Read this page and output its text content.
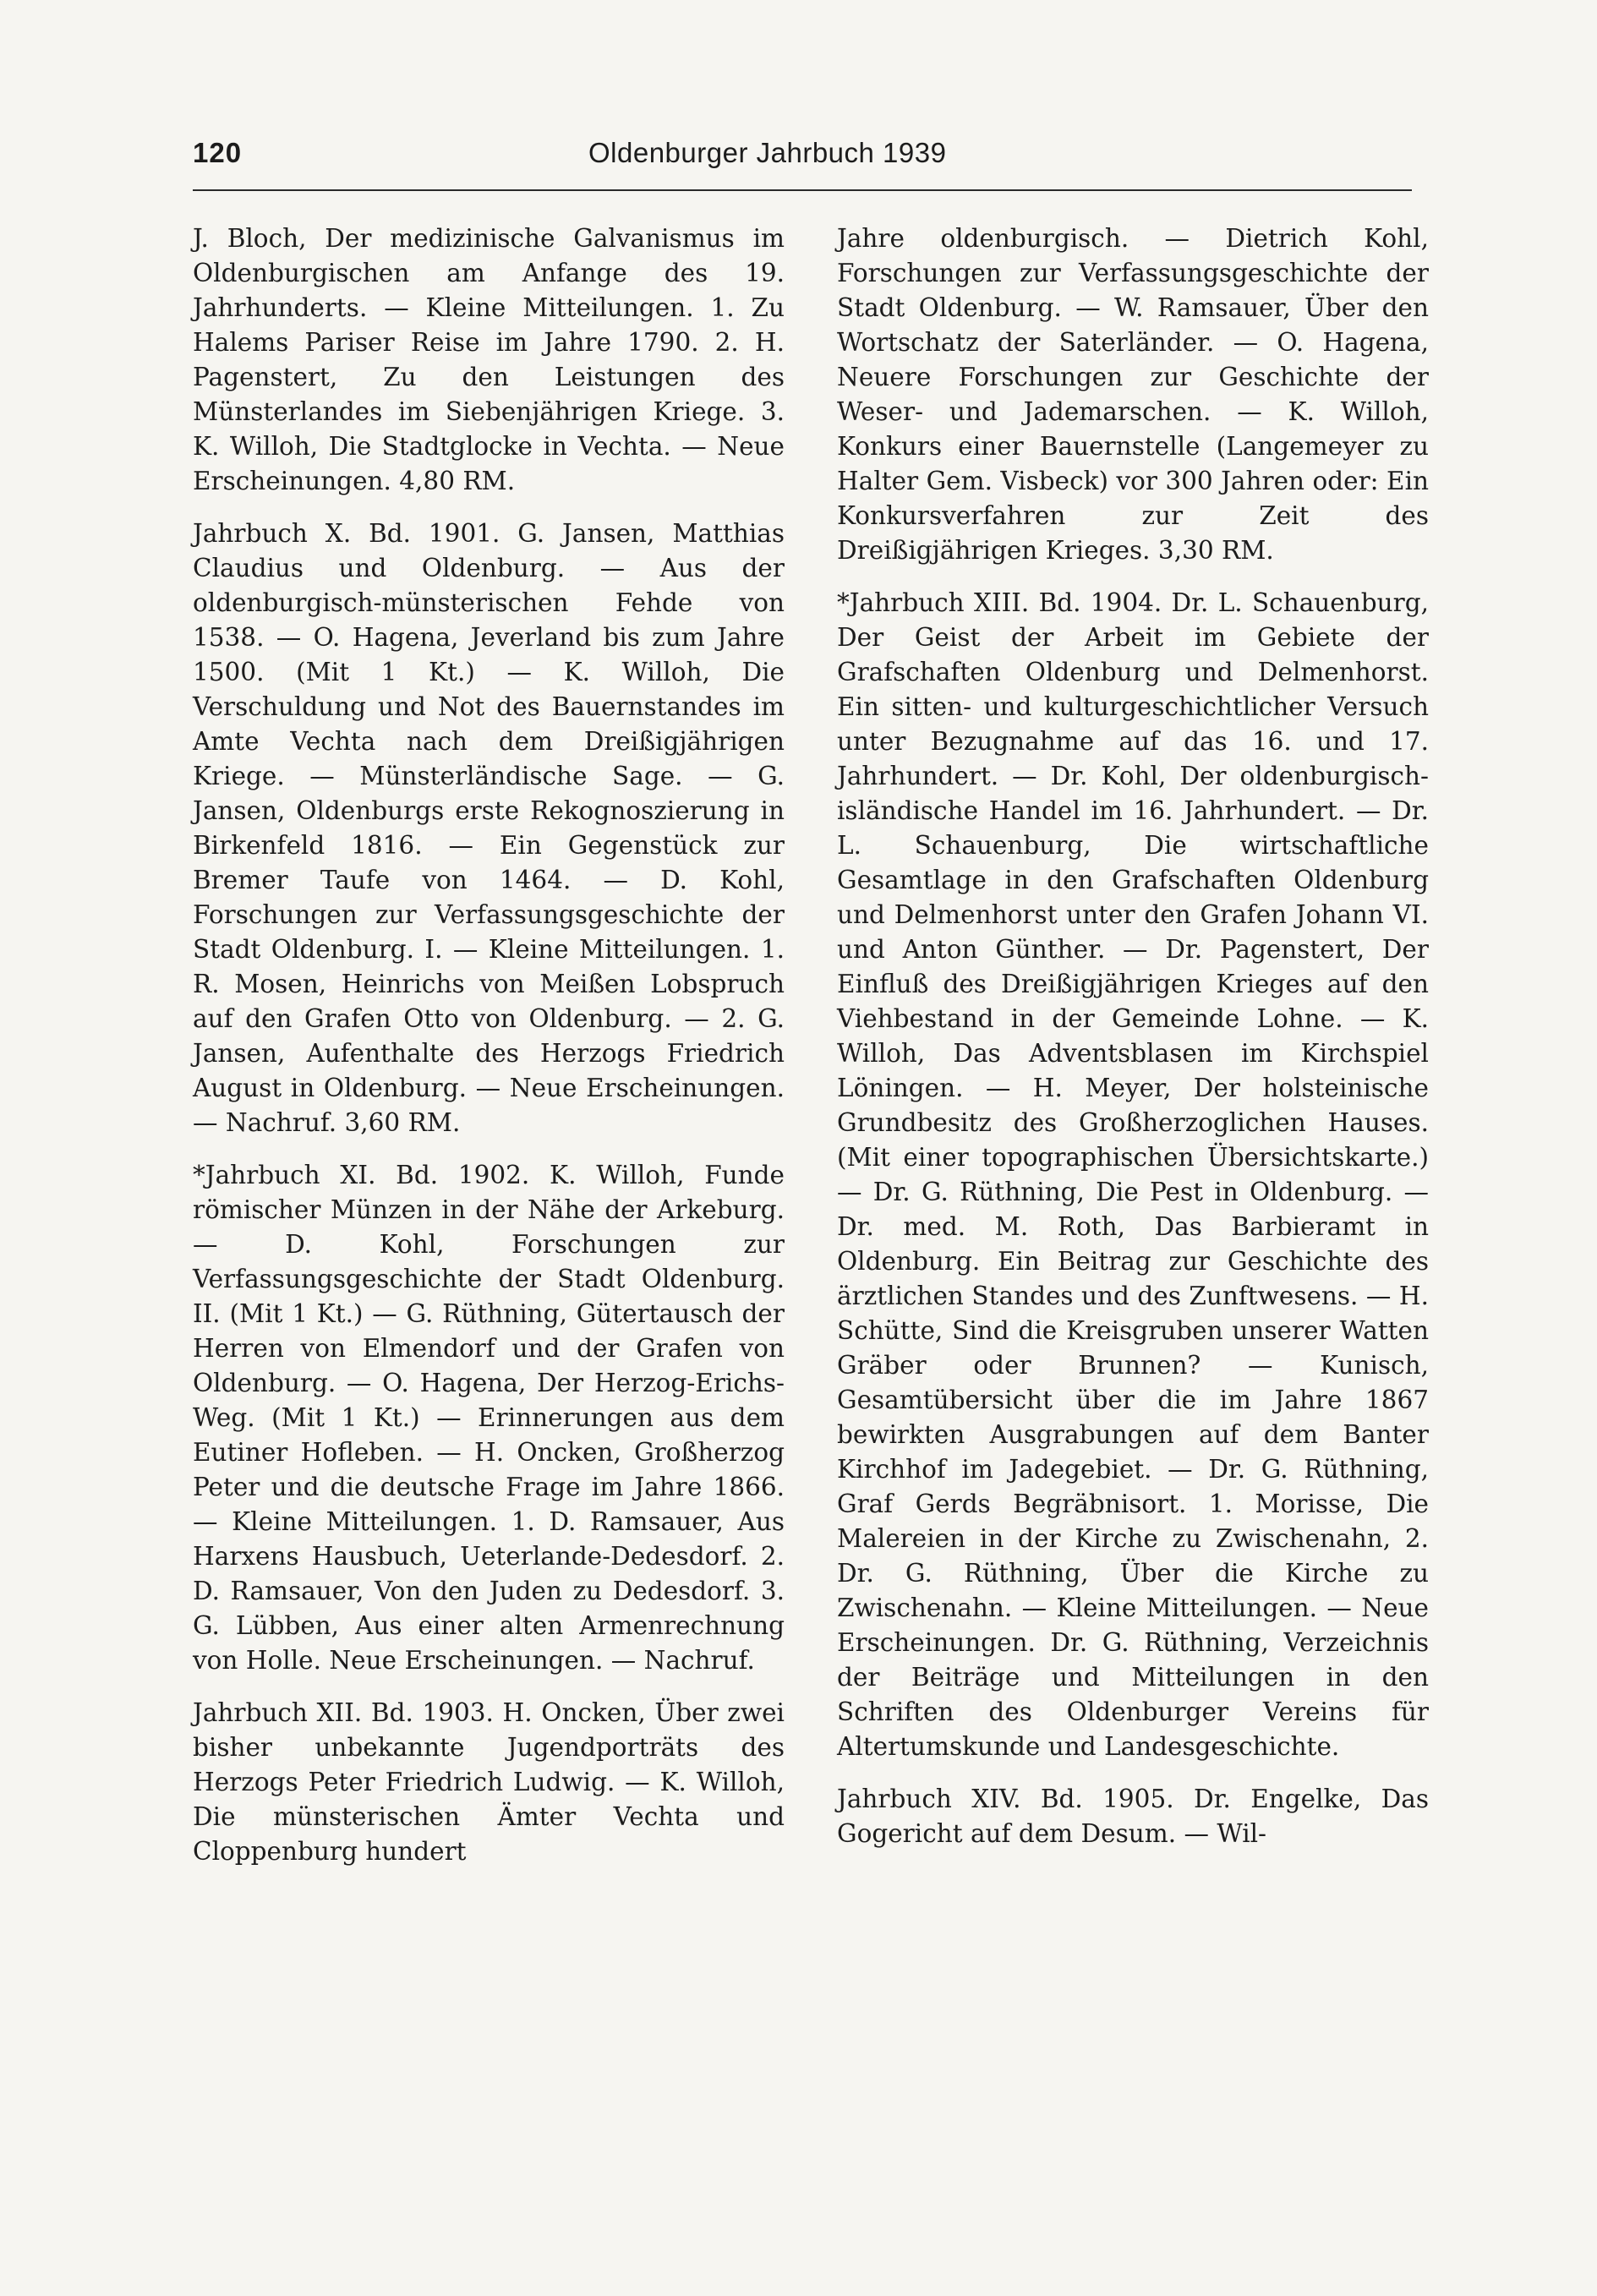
120	Oldenburger Jahrbuch 1939

J. Bloch, Der medizinische Galvanismus im Oldenburgischen am Anfange des 19. Jahrhunderts. — Kleine Mitteilungen. 1. Zu Halems Pariser Reise im Jahre 1790. 2. H. Pagenstert, Zu den Leistungen des Münsterlandes im Siebenjährigen Kriege. 3. K. Willoh, Die Stadtglocke in Vechta. — Neue Erscheinungen. 4,80 RM.

Jahrbuch X. Bd. 1901. G. Jansen, Matthias Claudius und Oldenburg. — Aus der oldenburgisch-münsterischen Fehde von 1538. — O. Hagena, Jeverland bis zum Jahre 1500. (Mit 1 Kt.) — K. Willoh, Die Verschuldung und Not des Bauernstandes im Amte Vechta nach dem Dreißigjährigen Kriege. — Münsterländische Sage. — G. Jansen, Oldenburgs erste Rekognoszierung in Birkenfeld 1816. — Ein Gegenstück zur Bremer Taufe von 1464. — D. Kohl, Forschungen zur Verfassungsgeschichte der Stadt Oldenburg. I. — Kleine Mitteilungen. 1. R. Mosen, Heinrichs von Meißen Lobspruch auf den Grafen Otto von Oldenburg. — 2. G. Jansen, Aufenthalte des Herzogs Friedrich August in Oldenburg. — Neue Erscheinungen. — Nachruf. 3,60 RM.

*Jahrbuch XI. Bd. 1902. K. Willoh, Funde römischer Münzen in der Nähe der Arkeburg. — D. Kohl, Forschungen zur Verfassungsgeschichte der Stadt Oldenburg. II. (Mit 1 Kt.) — G. Rüthning, Gütertausch der Herren von Elmendorf und der Grafen von Oldenburg. — O. Hagena, Der Herzog-Erichs-Weg. (Mit 1 Kt.) — Erinnerungen aus dem Eutiner Hofleben. — H. Oncken, Großherzog Peter und die deutsche Frage im Jahre 1866. — Kleine Mitteilungen. 1. D. Ramsauer, Aus Harxens Hausbuch, Ueterlande-Dedesdorf. 2. D. Ramsauer, Von den Juden zu Dedesdorf. 3. G. Lübben, Aus einer alten Armenrechnung von Holle. Neue Erscheinungen. — Nachruf.

Jahrbuch XII. Bd. 1903. H. Oncken, Über zwei bisher unbekannte Jugendporträts des Herzogs Peter Friedrich Ludwig. — K. Willoh, Die münsterischen Ämter Vechta und Cloppenburg hundert

Jahre oldenburgisch. — Dietrich Kohl, Forschungen zur Verfassungsgeschichte der Stadt Oldenburg. — W. Ramsauer, Über den Wortschatz der Saterländer. — O. Hagena, Neuere Forschungen zur Geschichte der Weser- und Jademarschen. — K. Willoh, Konkurs einer Bauernstelle (Langemeyer zu Halter Gem. Visbeck) vor 300 Jahren oder: Ein Konkursverfahren zur Zeit des Dreißigjährigen Krieges. 3,30 RM.

*Jahrbuch XIII. Bd. 1904. Dr. L. Schauenburg, Der Geist der Arbeit im Gebiete der Grafschaften Oldenburg und Delmenhorst. Ein sitten- und kulturgeschichtlicher Versuch unter Bezugnahme auf das 16. und 17. Jahrhundert. — Dr. Kohl, Der oldenburgisch-isländische Handel im 16. Jahrhundert. — Dr. L. Schauenburg, Die wirtschaftliche Gesamtlage in den Grafschaften Oldenburg und Delmenhorst unter den Grafen Johann VI. und Anton Günther. — Dr. Pagenstert, Der Einfluß des Dreißigjährigen Krieges auf den Viehbestand in der Gemeinde Lohne. — K. Willoh, Das Adventsblasen im Kirchspiel Löningen. — H. Meyer, Der holsteinische Grundbesitz des Großherzoglichen Hauses. (Mit einer topographischen Übersichtskarte.) — Dr. G. Rüthning, Die Pest in Oldenburg. — Dr. med. M. Roth, Das Barbieramt in Oldenburg. Ein Beitrag zur Geschichte des ärztlichen Standes und des Zunftwesens. — H. Schütte, Sind die Kreisgruben unserer Watten Gräber oder Brunnen? — Kunisch, Gesamtübersicht über die im Jahre 1867 bewirkten Ausgrabungen auf dem Banter Kirchhof im Jadegebiet. — Dr. G. Rüthning, Graf Gerds Begräbnisort. 1. Morisse, Die Malereien in der Kirche zu Zwischenahn, 2. Dr. G. Rüthning, Über die Kirche zu Zwischenahn. — Kleine Mitteilungen. — Neue Erscheinungen. Dr. G. Rüthning, Verzeichnis der Beiträge und Mitteilungen in den Schriften des Oldenburger Vereins für Altertumskunde und Landesgeschichte.

Jahrbuch XIV. Bd. 1905. Dr. Engelke, Das Gogericht auf dem Desum. — Wil-
